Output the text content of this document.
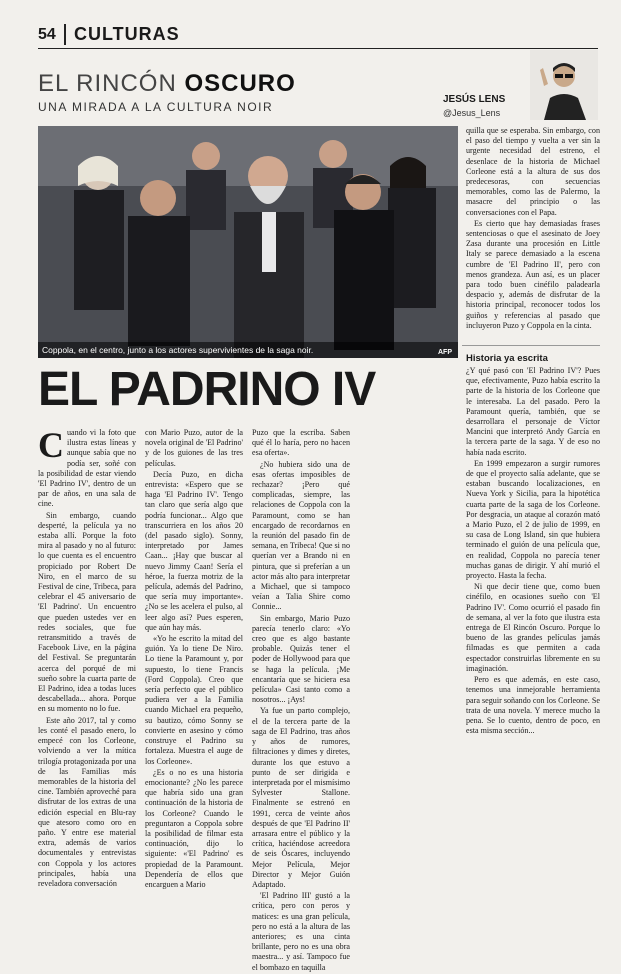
54	CULTURAS
EL RINCÓN OSCURO
UNA MIRADA A LA CULTURA NOIR
JESÚS LENS
@Jesus_Lens
Coppola, en el centro, junto a los actores supervivientes de la saga noir.	AFP
EL PADRINO IV

Cuando vi la foto que ilustra estas líneas y aunque sabía que no podía ser, soñé con la posibilidad de estar viendo 'El Padrino IV', dentro de un par de años, en una sala de cine.

Sin embargo, cuando desperté, la película ya no estaba allí. Porque la foto mira al pasado y no al futuro: lo que cuenta es el encuentro propiciado por Robert De Niro, en el marco de su Festival de cine, Tribeca, para celebrar el 45 aniversario de 'El Padrino'. Un encuentro que pueden ustedes ver en redes sociales, que fue retransmitido a través de Facebook Live, en la página del Festival. Se preguntarán acerca del porqué de mi sueño sobre la cuarta parte de El Padrino, idea a todas luces descabellada... ahora. Porque en su momento no lo fue.

Este año 2017, tal y como les conté el pasado enero, lo empecé con los Corleone, volviendo a ver la mítica trilogía protagonizada por una de las Familias más memorables de la historia del cine. También aproveché para disfrutar de los extras de una edición especial en Blu-ray que atesoro como oro en paño. Y entre ese material extra, además de varios documentales y entrevistas con Coppola y los actores principales, había una reveladora conversación

con Mario Puzo, autor de la novela original de 'El Padrino' y de los guiones de las tres películas.

Decía Puzo, en dicha entrevista: «Espero que se haga 'El Padrino IV'. Tengo tan claro que sería algo que podría funcionar... Algo que transcurriera en los años 20 (del pasado siglo). Sonny, interpretado por James Caan... ¡Hay que buscar al nuevo Jimmy Caan! Sería el héroe, la fuerza motriz de la película, además del Padrino, que sería muy importante». ¿No se les acelera el pulso, al leer algo así? Pues esperen, que aún hay más.

«Yo he escrito la mitad del guión. Ya lo tiene De Niro. Lo tiene la Paramount y, por supuesto, lo tiene Francis (Ford Coppola). Creo que sería perfecto que el público pudiera ver a la Familia cuando Michael era pequeño, su bautizo, cómo Sonny se convierte en asesino y cómo construye el Padrino su fortaleza. Muestra el auge de los Corleone».

¿Es o no es una historia emocionante? ¿No les parece que habría sido una gran continuación de la historia de los Corleone? Cuando le preguntaron a Coppola sobre la posibilidad de filmar esta continuación, dijo lo siguiente: «'El Padrino' es propiedad de la Paramount. Dependería de ellos que encarguen a Mario

Puzo que la escriba. Saben qué él lo haría, pero no hacen esa oferta».

¿No hubiera sido una de esas ofertas imposibles de rechazar? ¡Pero qué complicadas, siempre, las relaciones de Coppola con la Paramount, como se han encargado de recordarnos en la reunión del pasado fin de semana, en Tribeca! Que si no querían ver a Brando ni en pintura, que si preferían a un actor más alto para interpretar a Michael, que si tampoco veían a Talia Shire como Connie...

Sin embargo, Mario Puzo parecía tenerlo claro: «Yo creo que es algo bastante probable. Quizás tener el poder de Hollywood para que se haga la película. ¡Me encantaría que se hiciera esa película» Casi tanto como a nosotros... ¡Ays!

Ya fue un parto complejo, el de la tercera parte de la saga de El Padrino, tras años y años de rumores, filtraciones y dimes y diretes, durante los que estuvo a punto de ser dirigida e interpretada por el mismísimo Sylvester Stallone. Finalmente se estrenó en 1991, cerca de veinte años después de que 'El Padrino II' arrasara entre el público y la crítica, haciéndose acreedora de seis Óscares, incluyendo Mejor Película, Mejor Director y Mejor Guión Adaptado.

'El Padrino III' gustó a la crítica, pero con peros y matices: es una gran película, pero no está a la altura de las anteriores; es una cinta brillante, pero no es una obra maestra... y así. Tampoco fue el bombazo en taquilla

quilla que se esperaba. Sin embargo, con el paso del tiempo y vuelta a ver sin la urgente necesidad del estreno, el desenlace de la historia de Michael Corleone está a la altura de sus dos predecesoras, con secuencias memorables, como las de Palermo, la masacre del principio o las conversaciones con el Papa.

Es cierto que hay demasiadas frases sentenciosas o que el asesinato de Joey Zasa durante una procesión en Little Italy se parece demasiado a la escena cumbre de 'El Padrino II', pero con menos grandeza. Aun así, es un placer para todo buen cinéfilo paladearla despacio y, además de disfrutar de la historia principal, reconocer todos los guiños y referencias al pasado que incluyeron Puzo y Coppola en la cinta.

Historia ya escrita

¿Y qué pasó con 'El Padrino IV'? Pues que, efectivamente, Puzo había escrito la parte de la historia de los Corleone que le interesaba. La del pasado. Pero la Paramount quería, también, que se desarrollara el personaje de Víctor Mancini que interpretó Andy García en la tercera parte de la saga. Y de eso no había nada escrito.

En 1999 empezaron a surgir rumores de que el proyecto salía adelante, que se estaban buscando localizaciones, en Nueva York y Sicilia, para la hipotética cuarta parte de la saga de los Corleone. Por desgracia, un ataque al corazón mató a Mario Puzo, el 2 de julio de 1999, en su casa de Long Island, sin que hubiera terminado el guión de una película que, en realidad, Coppola no parecía tener muchas ganas de dirigir. Y ahí murió el proyecto. Hasta la fecha.

Ni que decir tiene que, como buen cinéfilo, en ocasiones sueño con 'El Padrino IV'. Como ocurrió el pasado fin de semana, al ver la foto que ilustra esta entrega de El Rincón Oscuro. Porque lo bueno de las grandes películas jamás filmadas es que permiten a cada espectador construirlas libremente en su imaginación.

Pero es que además, en este caso, tenemos una inmejorable herramienta para seguir soñando con los Corleone. Se trata de una novela. Y merece mucho la pena. Se lo cuento, dentro de poco, en esta misma sección...
